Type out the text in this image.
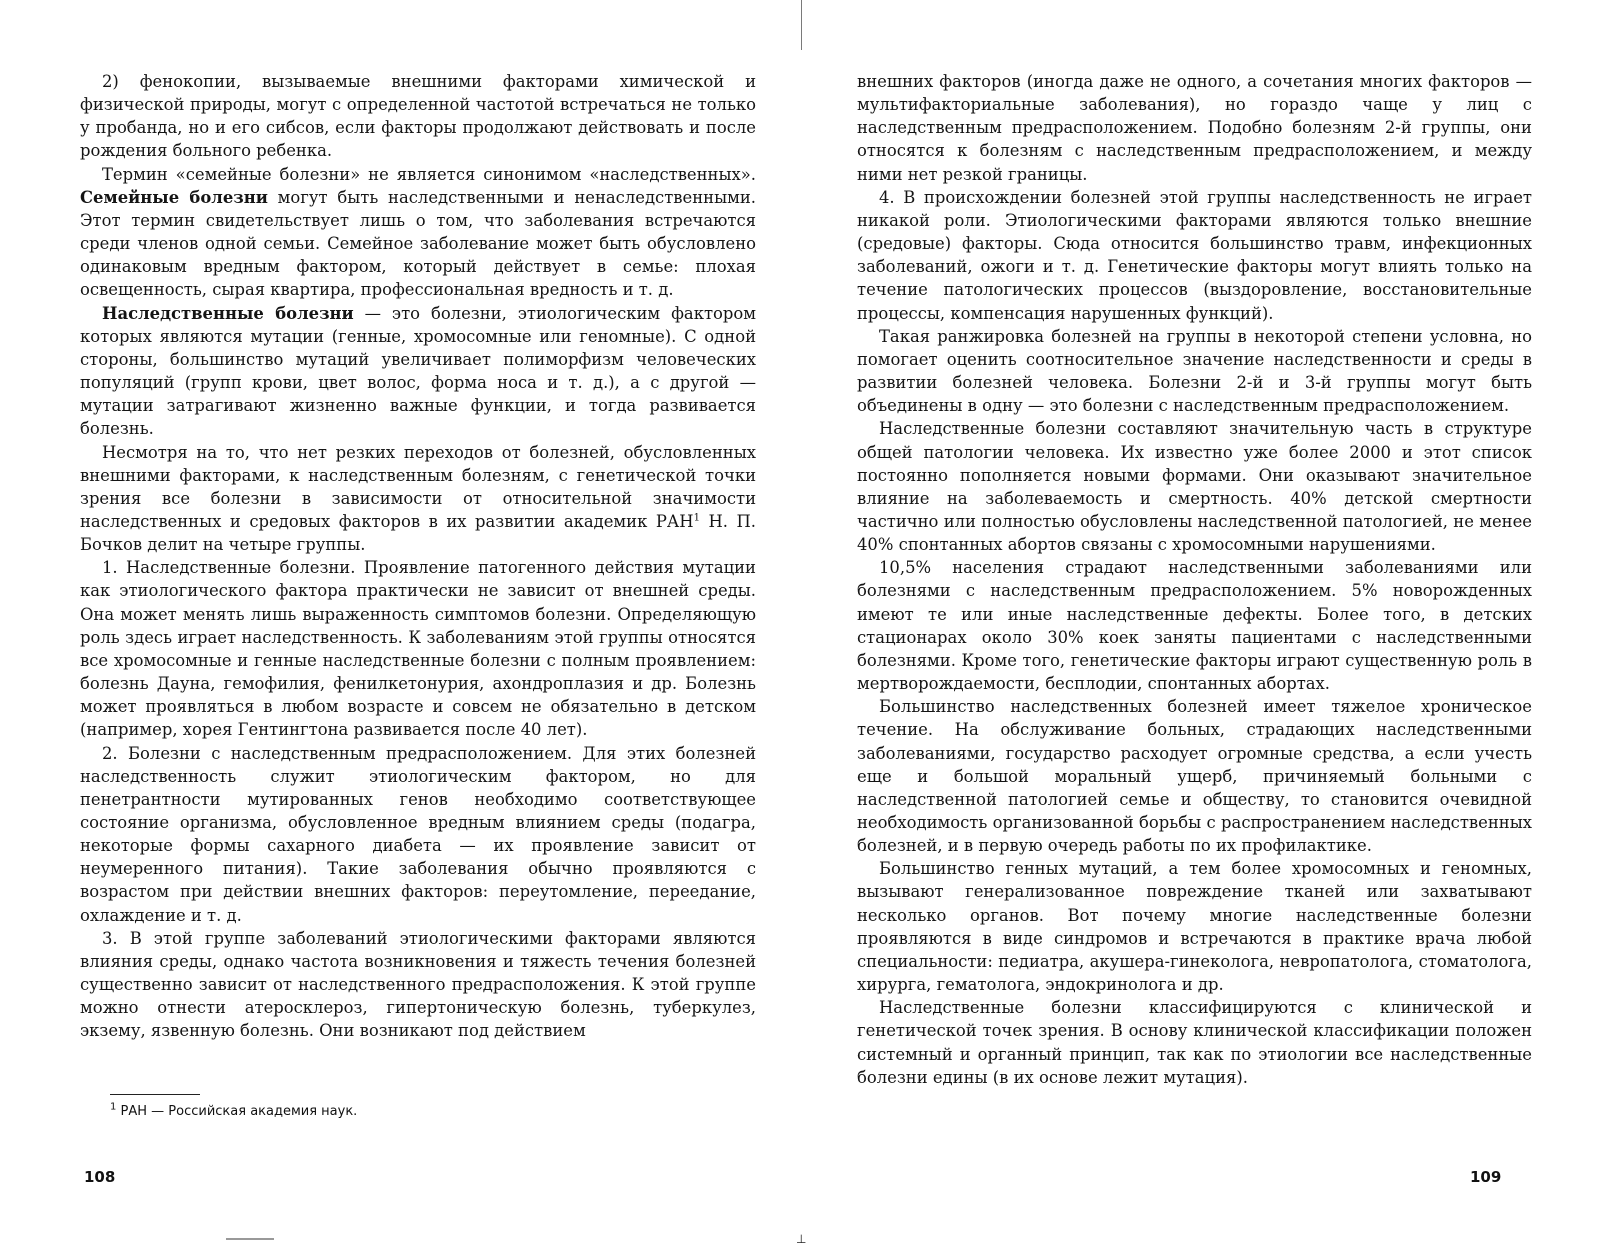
2) фенокопии, вызываемые внешними факторами химической и физической природы, могут с определенной частотой встречаться не только у пробанда, но и его сибсов, если факторы продолжают действовать и после рождения больного ребенка.

Термин «семейные болезни» не является синонимом «наследственных». Семейные болезни могут быть наследственными и ненаследственными. Этот термин свидетельствует лишь о том, что заболевания встречаются среди членов одной семьи. Семейное заболевание может быть обусловлено одинаковым вредным фактором, который действует в семье: плохая освещенность, сырая квартира, профессиональная вредность и т. д.

Наследственные болезни — это болезни, этиологическим фактором которых являются мутации (генные, хромосомные или геномные). С одной стороны, большинство мутаций увеличивает полиморфизм человеческих популяций (групп крови, цвет волос, форма носа и т. д.), а с другой — мутации затрагивают жизненно важные функции, и тогда развивается болезнь.

Несмотря на то, что нет резких переходов от болезней, обусловленных внешними факторами, к наследственным болезням, с генетической точки зрения все болезни в зависимости от относительной значимости наследственных и средовых факторов в их развитии академик РАН$^1$ Н. П. Бочков делит на четыре группы.

1. Наследственные болезни. Проявление патогенного действия мутации как этиологического фактора практически не зависит от внешней среды. Она может менять лишь выраженность симптомов болезни. Определяющую роль здесь играет наследственность. К заболеваниям этой группы относятся все хромосомные и генные наследственные болезни с полным проявлением: болезнь Дауна, гемофилия, фенилкетонурия, ахондроплазия и др. Болезнь может проявляться в любом возрасте и совсем не обязательно в детском (например, хорея Гентингтона развивается после 40 лет).

2. Болезни с наследственным предрасположением. Для этих болезней наследственность служит этиологическим фактором, но для пенетрантности мутированных генов необходимо соответствующее состояние организма, обусловленное вредным влиянием среды (подагра, некоторые формы сахарного диабета — их проявление зависит от неумеренного питания). Такие заболевания обычно проявляются с возрастом при действии внешних факторов: переутомление, переедание, охлаждение и т. д.

3. В этой группе заболеваний этиологическими факторами являются влияния среды, однако частота возникновения и тяжесть течения болезней существенно зависит от наследственного предрасположения. К этой группе можно отнести атеросклероз, гипертоническую болезнь, туберкулез, экзему, язвенную болезнь. Они возникают под действием

$^1$ РАН — Российская академия наук.
108

внешних факторов (иногда даже не одного, а сочетания многих факторов — мультифакториальные заболевания), но гораздо чаще у лиц с наследственным предрасположением. Подобно болезням 2-й группы, они относятся к болезням с наследственным предрасположением, и между ними нет резкой границы.

4. В происхождении болезней этой группы наследственность не играет никакой роли. Этиологическими факторами являются только внешние (средовые) факторы. Сюда относится большинство травм, инфекционных заболеваний, ожоги и т. д. Генетические факторы могут влиять только на течение патологических процессов (выздоровление, восстановительные процессы, компенсация нарушенных функций).

Такая ранжировка болезней на группы в некоторой степени условна, но помогает оценить соотносительное значение наследственности и среды в развитии болезней человека. Болезни 2-й и 3-й группы могут быть объединены в одну — это болезни с наследственным предрасположением.

Наследственные болезни составляют значительную часть в структуре общей патологии человека. Их известно уже более 2000 и этот список постоянно пополняется новыми формами. Они оказывают значительное влияние на заболеваемость и смертность. 40% детской смертности частично или полностью обусловлены наследственной патологией, не менее 40% спонтанных абортов связаны с хромосомными нарушениями.

10,5% населения страдают наследственными заболеваниями или болезнями с наследственным предрасположением. 5% новорожденных имеют те или иные наследственные дефекты. Более того, в детских стационарах около 30% коек заняты пациентами с наследственными болезнями. Кроме того, генетические факторы играют существенную роль в мертворождаемости, бесплодии, спонтанных абортах.

Большинство наследственных болезней имеет тяжелое хроническое течение. На обслуживание больных, страдающих наследственными заболеваниями, государство расходует огромные средства, а если учесть еще и большой моральный ущерб, причиняемый больными с наследственной патологией семье и обществу, то становится очевидной необходимость организованной борьбы с распространением наследственных болезней, и в первую очередь работы по их профилактике.

Большинство генных мутаций, а тем более хромосомных и геномных, вызывают генерализованное повреждение тканей или захватывают несколько органов. Вот почему многие наследственные болезни проявляются в виде синдромов и встречаются в практике врача любой специальности: педиатра, акушера-гинеколога, невропатолога, стоматолога, хирурга, гематолога, эндокринолога и др.

Наследственные болезни классифицируются с клинической и генетической точек зрения. В основу клинической классификации положен системный и органный принцип, так как по этиологии все наследственные болезни едины (в их основе лежит мутация).

109
⊥
